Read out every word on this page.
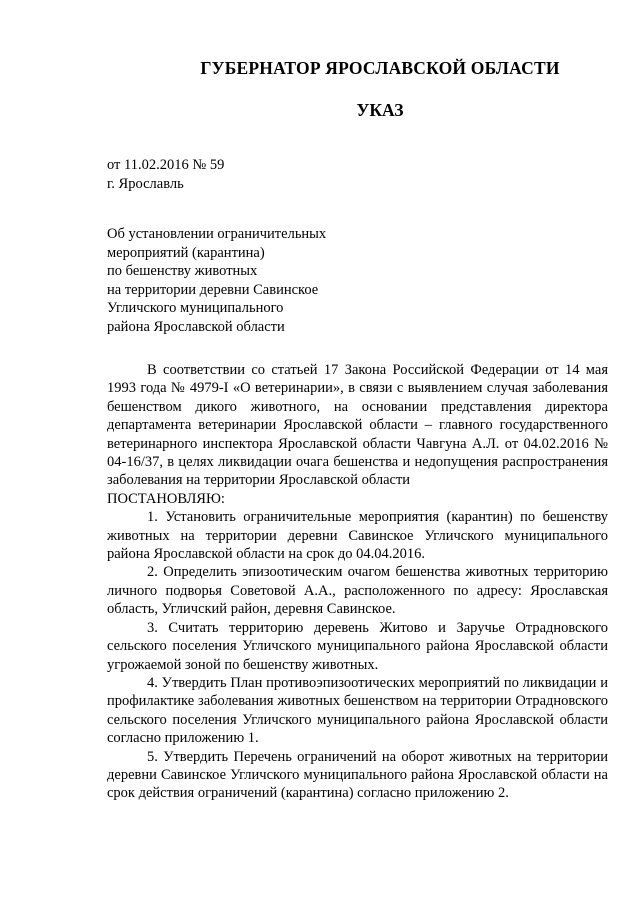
ГУБЕРНАТОР ЯРОСЛАВСКОЙ ОБЛАСТИ
УКАЗ
от 11.02.2016 № 59
г. Ярославль
Об установлении ограничительных
мероприятий (карантина)
по бешенству животных
на территории деревни Савинское
Угличского муниципального
района Ярославской области

В соответствии со статьей 17 Закона Российской Федерации от 14 мая 1993 года № 4979-I «О ветеринарии», в связи с выявлением случая заболевания бешенством дикого животного, на основании представления директора департамента ветеринарии Ярославской области – главного государственного ветеринарного инспектора Ярославской области Чавгуна А.Л. от 04.02.2016 № 04-16/37, в целях ликвидации очага бешенства и недопущения распространения заболевания на территории Ярославской области

ПОСТАНОВЛЯЮ:

1. Установить ограничительные мероприятия (карантин) по бешенству животных на территории деревни Савинское Угличского муниципального района Ярославской области на срок до 04.04.2016.

2. Определить эпизоотическим очагом бешенства животных территорию личного подворья Советовой А.А., расположенного по адресу: Ярославская область, Угличский район, деревня Савинское.

3. Считать территорию деревень Житово и Заручье Отрадновского сельского поселения Угличского муниципального района Ярославской области угрожаемой зоной по бешенству животных.

4. Утвердить План противоэпизоотических мероприятий по ликвидации и профилактике заболевания животных бешенством на территории Отрадновского сельского поселения Угличского муниципального района Ярославской области согласно приложению 1.

5. Утвердить Перечень ограничений на оборот животных на территории деревни Савинское Угличского муниципального района Ярославской области на срок действия ограничений (карантина) согласно приложению 2.
